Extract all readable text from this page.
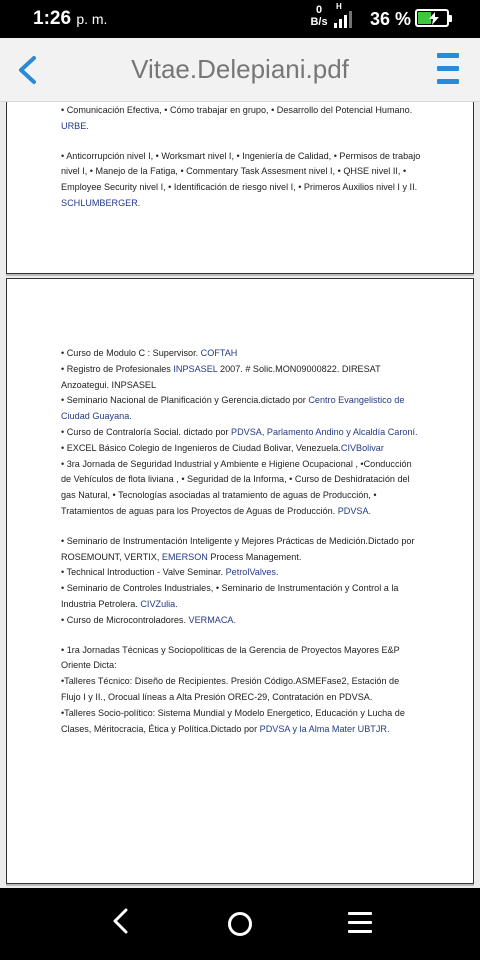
1:26 p. m.
0
B/s
H
36 %
Vitae.Delepiani.pdf

• Comunicación Efectiva, • Cómo trabajar en grupo, • Desarrollo del Potencial Humano. URBE.

• Anticorrupción nivel I, • Worksmart nivel I, • Ingeniería de Calidad, • Permisos de trabajo nivel I, • Manejo de la Fatiga, • Commentary Task Assesment nivel I, • QHSE nivel II, • Employee Security nivel I, • Identificación de riesgo nivel I, • Primeros Auxilios nivel I y II. SCHLUMBERGER.

• Curso de Modulo C : Supervisor. COFTAH

• Registro de Profesionales INPSASEL 2007. # Solic.MON09000822. DIRESAT Anzoategui. INPSASEL

• Seminario Nacional de Planificación y Gerencia.dictado por Centro Evangelistico de Ciudad Guayana.

• Curso de Contraloría Social. dictado por PDVSA, Parlamento Andino y Alcaldía Caroní.

• EXCEL Básico Colegio de Ingenieros de Ciudad Bolivar, Venezuela.CIVBolivar

• 3ra Jornada de Seguridad Industrial y Ambiente e Higiene Ocupacional , •Conducción de Vehículos de flota liviana , • Seguridad de la Informa, • Curso de Deshidratación del gas Natural, • Tecnologías asociadas al tratamiento de aguas de Producción, • Tratamientos de aguas para los Proyectos de Aguas de Producción. PDVSA.

• Seminario de Instrumentación Inteligente y Mejores Prácticas de Medición.Dictado por ROSEMOUNT, VERTIX, EMERSON Process Management.

• Technical Introduction - Valve Seminar. PetrolValves.

• Seminario de Controles Industriales, • Seminario de Instrumentación y Control a la Industria Petrolera. CIVZulia.

• Curso de Microcontroladores. VERMACA.

• 1ra Jornadas Técnicas y Sociopolíticas de la Gerencia de Proyectos Mayores E&P Oriente Dicta:

•Talleres Técnico: Diseño de Recipientes. Presión Código.ASMEFase2, Estación de Flujo I y II., Orocual líneas a Alta Presión OREC-29, Contratación en PDVSA.

•Talleres Socio-político: Sistema Mundial y Modelo Energetico, Educación y Lucha de Clases, Méritocracia, Ética y Política.Dictado por PDVSA y la Alma Mater UBTJR.
